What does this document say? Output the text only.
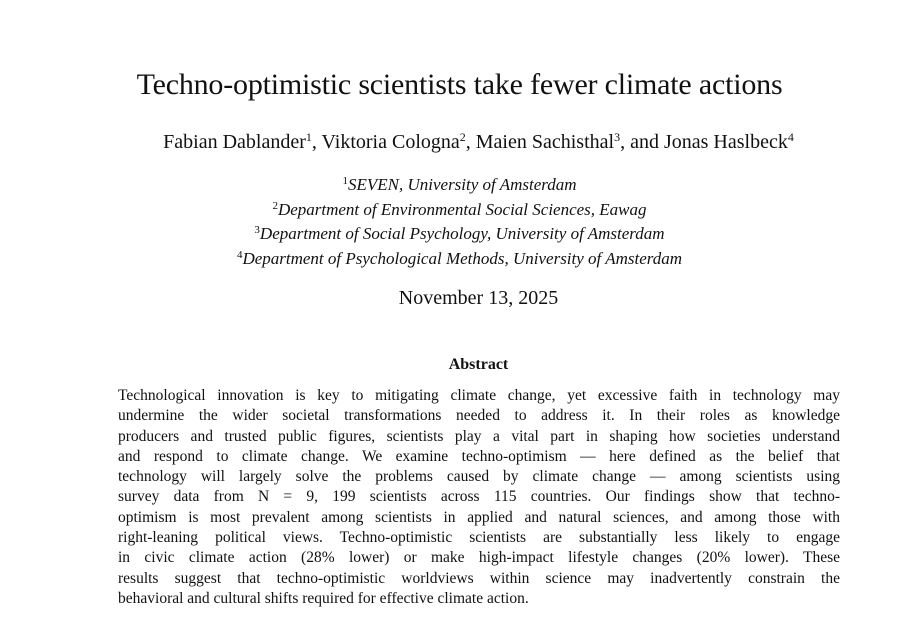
Techno-optimistic scientists take fewer climate actions
Fabian Dablander$^1$, Viktoria Cologna$^2$, Maien Sachisthal$^3$, and Jonas Haslbeck$^4$
$^1$SEVEN, University of Amsterdam
$^2$Department of Environmental Social Sciences, Eawag
$^3$Department of Social Psychology, University of Amsterdam
$^4$Department of Psychological Methods, University of Amsterdam
November 13, 2025
Abstract
Technological innovation is key to mitigating climate change, yet excessive faith in technology may
undermine the wider societal transformations needed to address it. In their roles as knowledge
producers and trusted public figures, scientists play a vital part in shaping how societies understand
and respond to climate change. We examine techno-optimism — here defined as the belief that
technology will largely solve the problems caused by climate change — among scientists using
survey data from N = 9, 199 scientists across 115 countries. Our findings show that techno-
optimism is most prevalent among scientists in applied and natural sciences, and among those with
right-leaning political views. Techno-optimistic scientists are substantially less likely to engage
in civic climate action (28% lower) or make high-impact lifestyle changes (20% lower). These
results suggest that techno-optimistic worldviews within science may inadvertently constrain the
behavioral and cultural shifts required for effective climate action.
